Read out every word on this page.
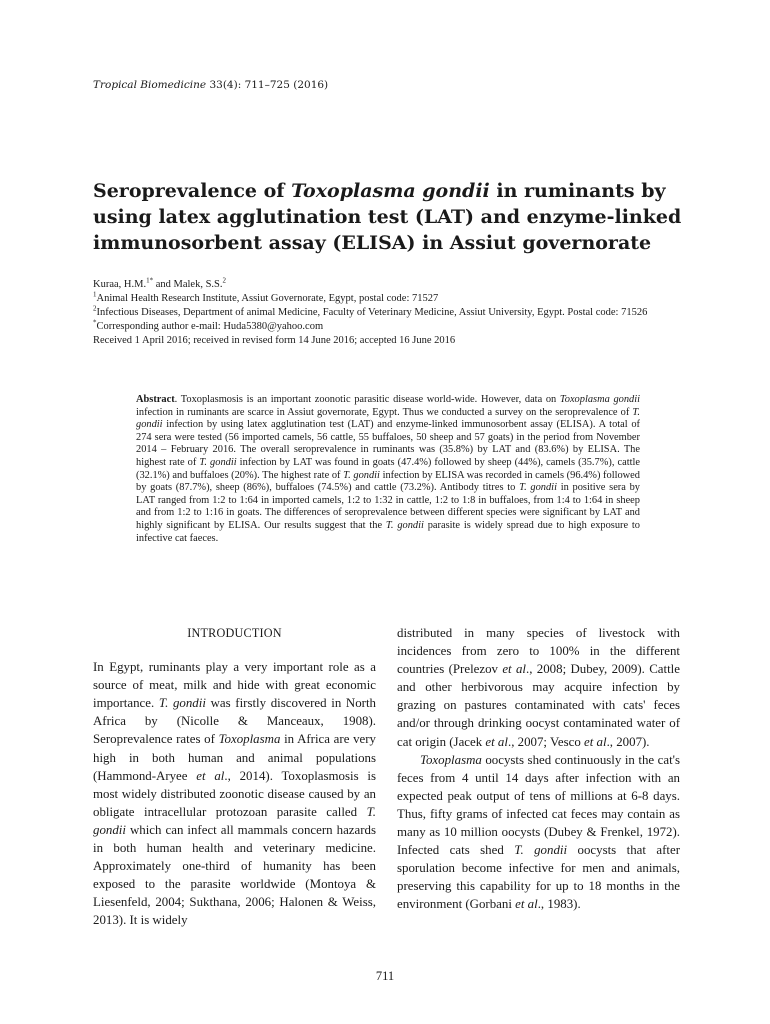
Tropical Biomedicine 33(4): 711–725 (2016)
Seroprevalence of Toxoplasma gondii in ruminants by using latex agglutination test (LAT) and enzyme-linked immunosorbent assay (ELISA) in Assiut governorate
Kuraa, H.M.$^{1*}$ and Malek, S.S.$^2$
$^1$Animal Health Research Institute, Assiut Governorate, Egypt, postal code: 71527
$^2$Infectious Diseases, Department of animal Medicine, Faculty of Veterinary Medicine, Assiut University, Egypt. Postal code: 71526
*Corresponding author e-mail: Huda5380@yahoo.com
Received 1 April 2016; received in revised form 14 June 2016; accepted 16 June 2016
Abstract. Toxoplasmosis is an important zoonotic parasitic disease world-wide. However, data on Toxoplasma gondii infection in ruminants are scarce in Assiut governorate, Egypt. Thus we conducted a survey on the seroprevalence of T. gondii infection by using latex agglutination test (LAT) and enzyme-linked immunosorbent assay (ELISA). A total of 274 sera were tested (56 imported camels, 56 cattle, 55 buffaloes, 50 sheep and 57 goats) in the period from November 2014 – February 2016. The overall seroprevalence in ruminants was (35.8%) by LAT and (83.6%) by ELISA. The highest rate of T. gondii infection by LAT was found in goats (47.4%) followed by sheep (44%), camels (35.7%), cattle (32.1%) and buffaloes (20%). The highest rate of T. gondii infection by ELISA was recorded in camels (96.4%) followed by goats (87.7%), sheep (86%), buffaloes (74.5%) and cattle (73.2%). Antibody titres to T. gondii in positive sera by LAT ranged from 1:2 to 1:64 in imported camels, 1:2 to 1:32 in cattle, 1:2 to 1:8 in buffaloes, from 1:4 to 1:64 in sheep and from 1:2 to 1:16 in goats. The differences of seroprevalence between different species were significant by LAT and highly significant by ELISA. Our results suggest that the T. gondii parasite is widely spread due to high exposure to infective cat faeces.
INTRODUCTION

In Egypt, ruminants play a very important role as a source of meat, milk and hide with great economic importance. T. gondii was firstly discovered in North Africa by (Nicolle & Manceaux, 1908). Seroprevalence rates of Toxoplasma in Africa are very high in both human and animal populations (Hammond-Aryee et al., 2014). Toxoplasmosis is most widely distributed zoonotic disease caused by an obligate intracellular protozoan parasite called T. gondii which can infect all mammals concern hazards in both human health and veterinary medicine. Approximately one-third of humanity has been exposed to the parasite worldwide (Montoya & Liesenfeld, 2004; Sukthana, 2006; Halonen & Weiss, 2013). It is widely

distributed in many species of livestock with incidences from zero to 100% in the different countries (Prelezov et al., 2008; Dubey, 2009). Cattle and other herbivorous may acquire infection by grazing on pastures contaminated with cats' feces and/or through drinking oocyst contaminated water of cat origin (Jacek et al., 2007; Vesco et al., 2007).

Toxoplasma oocysts shed continuously in the cat's feces from 4 until 14 days after infection with an expected peak output of tens of millions at 6-8 days. Thus, fifty grams of infected cat feces may contain as many as 10 million oocysts (Dubey & Frenkel, 1972). Infected cats shed T. gondii oocysts that after sporulation become infective for men and animals, preserving this capability for up to 18 months in the environment (Gorbani et al., 1983).

711
